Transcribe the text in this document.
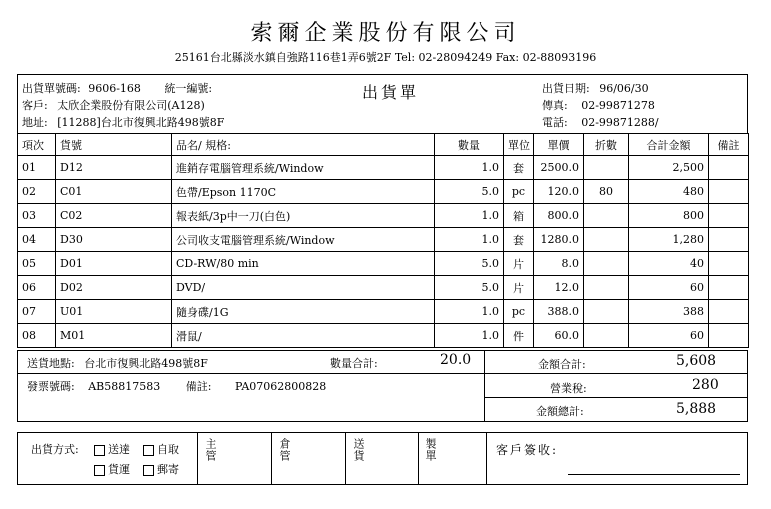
索爾企業股份有限公司
25161台北縣淡水鎮自強路116巷1弄6號2F Tel: 02-28094249 Fax: 02-88093196
出貨單
出貨單號碼: 9606-168 統一編號:
客戶: 太欣企業股份有限公司(A128)
地址: [11288]台北市復興北路498號8F
出貨日期: 96/06/30
傳真: 02-99871278
電話: 02-99871288/
項次	貨號	品名/ 規格:	數量	單位	單價	折數	合計金額	備註
01	D12	進銷存電腦管理系統/Window	1.0	套	2500.0		2,500	
02	C01	色帶/Epson 1170C	5.0	pc	120.0	80	480	
03	C02	報表紙/3p中一刀(白色)	1.0	箱	800.0		800	
04	D30	公司收支電腦管理系統/Window	1.0	套	1280.0		1,280	
05	D01	CD-RW/80 min	5.0	片	8.0		40	
06	D02	DVD/	5.0	片	12.0		60	
07	U01	隨身碟/1G	1.0	pc	388.0		388	
08	M01	滑鼠/	1.0	件	60.0		60	
送貨地點: 台北市復興北路498號8F	數量合計:	20.0
發票號碼: AB58817583 備註: PA07062800828
金額合計:	5,608
營業稅:	280
金額總計:	5,888
出貨方式:	送達	自取
貨運	郵寄
主管	倉管	送貨	製單	客戶簽收:
